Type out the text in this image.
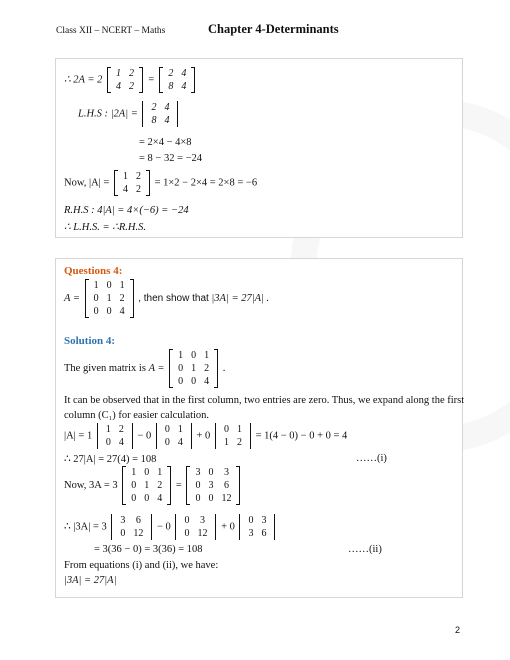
Class XII – NCERT – Maths	Chapter 4-Determinants
∴ 2A = 2
1	2
4	2
=
2	4
8	4
L.H.S : |2A| =
2	4
8	4
= 2×4 − 4×8
= 8 − 32 = −24
Now, |A| =
1	2
4	2
= 1×2 − 2×4 = 2×8 = −6
R.H.S : 4|A| = 4×(−6) = −24
∴ L.H.S. = ∴R.H.S.
Questions 4:
A =
1	0	1
0	1	2
0	0	4
, then show that |3A| = 27|A| .
Solution 4:
The given matrix is A =
1	0	1
0	1	2
0	0	4
.
It can be observed that in the first column, two entries are zero. Thus, we expand along the first
column (C₁) for easier calculation.
|A| = 1
1	2
0	4
− 0
0	1
0	4
+ 0
0	1
1	2
= 1(4 − 0) − 0 + 0 = 4
∴ 27|A| = 27(4) = 108	……(i)
Now, 3A = 3
1	0	1
0	1	2
0	0	4
=
3	0	3
0	3	6
0	0	12
∴ |3A| = 3
3	6
0	12
− 0
0	3
0	12
+ 0
0	3
3	6
= 3(36 − 0) = 3(36) = 108	……(ii)
From equations (i) and (ii), we have:
|3A| = 27|A|
2
